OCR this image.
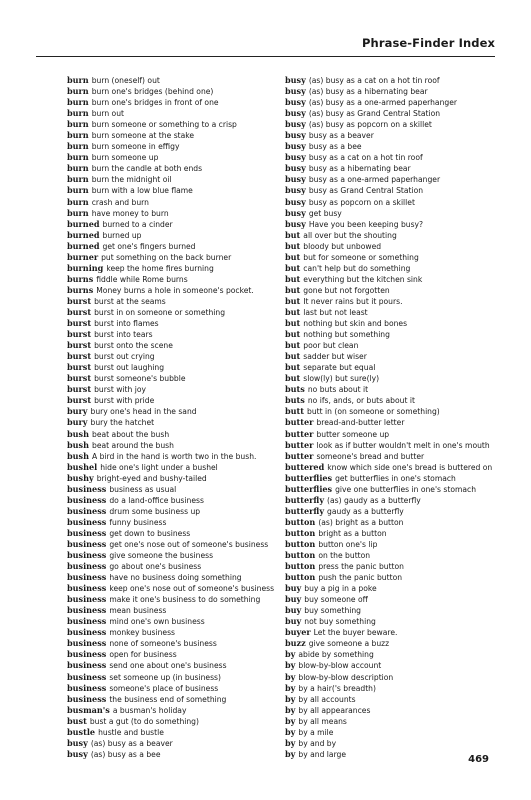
Phrase-Finder Index
burn burn (oneself) out
burn burn one's bridges (behind one)
burn burn one's bridges in front of one
burn burn out
burn burn someone or something to a crisp
burn burn someone at the stake
burn burn someone in effigy
burn burn someone up
burn burn the candle at both ends
burn burn the midnight oil
burn burn with a low blue flame
burn crash and burn
burn have money to burn
burned burned to a cinder
burned burned up
burned get one's fingers burned
burner put something on the back burner
burning keep the home fires burning
burns fiddle while Rome burns
burns Money burns a hole in someone's pocket.
burst burst at the seams
burst burst in on someone or something
burst burst into flames
burst burst into tears
burst burst onto the scene
burst burst out crying
burst burst out laughing
burst burst someone's bubble
burst burst with joy
burst burst with pride
bury bury one's head in the sand
bury bury the hatchet
bush beat about the bush
bush beat around the bush
bush A bird in the hand is worth two in the bush.
bushel hide one's light under a bushel
bushy bright-eyed and bushy-tailed
business business as usual
business do a land-office business
business drum some business up
business funny business
business get down to business
business get one's nose out of someone's business
business give someone the business
business go about one's business
business have no business doing something
business keep one's nose out of someone's business
business make it one's business to do something
business mean business
business mind one's own business
business monkey business
business none of someone's business
business open for business
business send one about one's business
business set someone up (in business)
business someone's place of business
business the business end of something
busman's a busman's holiday
bust bust a gut (to do something)
bustle hustle and bustle
busy (as) busy as a beaver
busy (as) busy as a bee
busy (as) busy as a cat on a hot tin roof
busy (as) busy as a hibernating bear
busy (as) busy as a one-armed paperhanger
busy (as) busy as Grand Central Station
busy (as) busy as popcorn on a skillet
busy busy as a beaver
busy busy as a bee
busy busy as a cat on a hot tin roof
busy busy as a hibernating bear
busy busy as a one-armed paperhanger
busy busy as Grand Central Station
busy busy as popcorn on a skillet
busy get busy
busy Have you been keeping busy?
but all over but the shouting
but bloody but unbowed
but but for someone or something
but can't help but do something
but everything but the kitchen sink
but gone but not forgotten
but It never rains but it pours.
but last but not least
but nothing but skin and bones
but nothing but something
but poor but clean
but sadder but wiser
but separate but equal
but slow(ly) but sure(ly)
buts no buts about it
buts no ifs, ands, or buts about it
butt butt in (on someone or something)
butter bread-and-butter letter
butter butter someone up
butter look as if butter wouldn't melt in one's mouth
butter someone's bread and butter
buttered know which side one's bread is buttered on
butterflies get butterflies in one's stomach
butterflies give one butterflies in one's stomach
butterfly (as) gaudy as a butterfly
butterfly gaudy as a butterfly
button (as) bright as a button
button bright as a button
button button one's lip
button on the button
button press the panic button
button push the panic button
buy buy a pig in a poke
buy buy someone off
buy buy something
buy not buy something
buyer Let the buyer beware.
buzz give someone a buzz
by abide by something
by blow-by-blow account
by blow-by-blow description
by by a hair('s breadth)
by by all accounts
by by all appearances
by by all means
by by a mile
by by and by
by by and large	469
